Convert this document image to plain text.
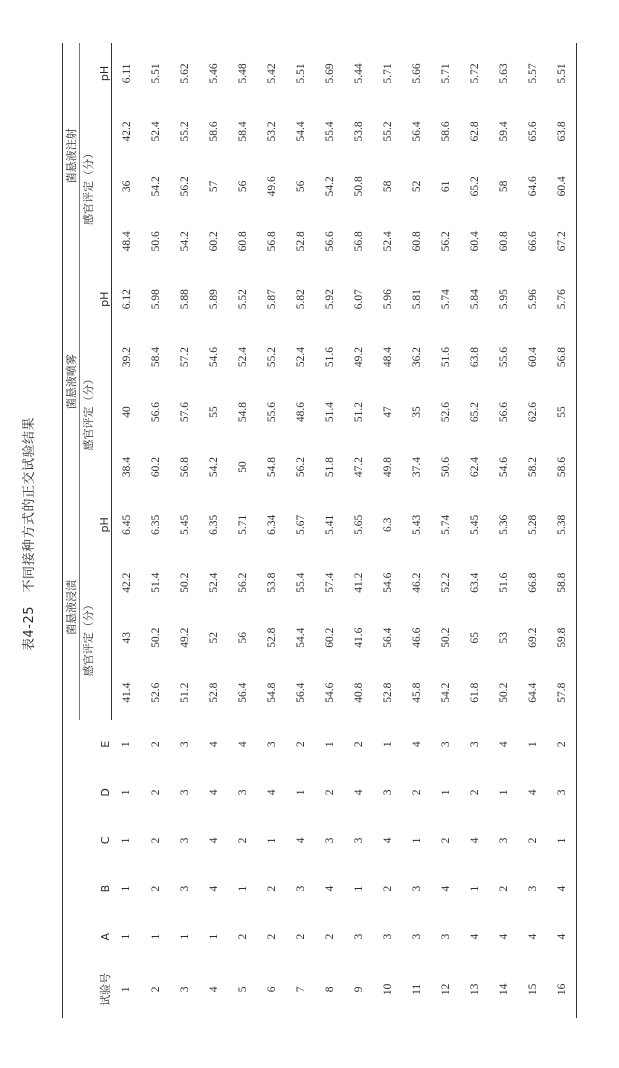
表4-25　不同接种方式的正交试验结果
试验号	A	B	C	D	E	菌悬液浸渍				菌悬液喷雾				菌悬液注射			
						感官评定（分）			pH	感官评定（分）			pH	感官评定（分）			pH

1	1	1	1	1	1	41.4	43	42.2	6.45	38.4	40	39.2	6.12	48.4	36	42.2	6.11
2	1	2	2	2	2	52.6	50.2	51.4	6.35	60.2	56.6	58.4	5.98	50.6	54.2	52.4	5.51
3	1	3	3	3	3	51.2	49.2	50.2	5.45	56.8	57.6	57.2	5.88	54.2	56.2	55.2	5.62
4	1	4	4	4	4	52.8	52	52.4	6.35	54.2	55	54.6	5.89	60.2	57	58.6	5.46
5	2	1	2	3	4	56.4	56	56.2	5.71	50	54.8	52.4	5.52	60.8	56	58.4	5.48
6	2	2	1	4	3	54.8	52.8	53.8	6.34	54.8	55.6	55.2	5.87	56.8	49.6	53.2	5.42
7	2	3	4	1	2	56.4	54.4	55.4	5.67	56.2	48.6	52.4	5.82	52.8	56	54.4	5.51
8	2	4	3	2	1	54.6	60.2	57.4	5.41	51.8	51.4	51.6	5.92	56.6	54.2	55.4	5.69
9	3	1	3	4	2	40.8	41.6	41.2	5.65	47.2	51.2	49.2	6.07	56.8	50.8	53.8	5.44
10	3	2	4	3	1	52.8	56.4	54.6	6.3	49.8	47	48.4	5.96	52.4	58	55.2	5.71
11	3	3	1	2	4	45.8	46.6	46.2	5.43	37.4	35	36.2	5.81	60.8	52	56.4	5.66
12	3	4	2	1	3	54.2	50.2	52.2	5.74	50.6	52.6	51.6	5.74	56.2	61	58.6	5.71
13	4	1	4	2	3	61.8	65	63.4	5.45	62.4	65.2	63.8	5.84	60.4	65.2	62.8	5.72
14	4	2	3	1	4	50.2	53	51.6	5.36	54.6	56.6	55.6	5.95	60.8	58	59.4	5.63
15	4	3	2	4	1	64.4	69.2	66.8	5.28	58.2	62.6	60.4	5.96	66.6	64.6	65.6	5.57
16	4	4	1	3	2	57.8	59.8	58.8	5.38	58.6	55	56.8	5.76	67.2	60.4	63.8	5.51
